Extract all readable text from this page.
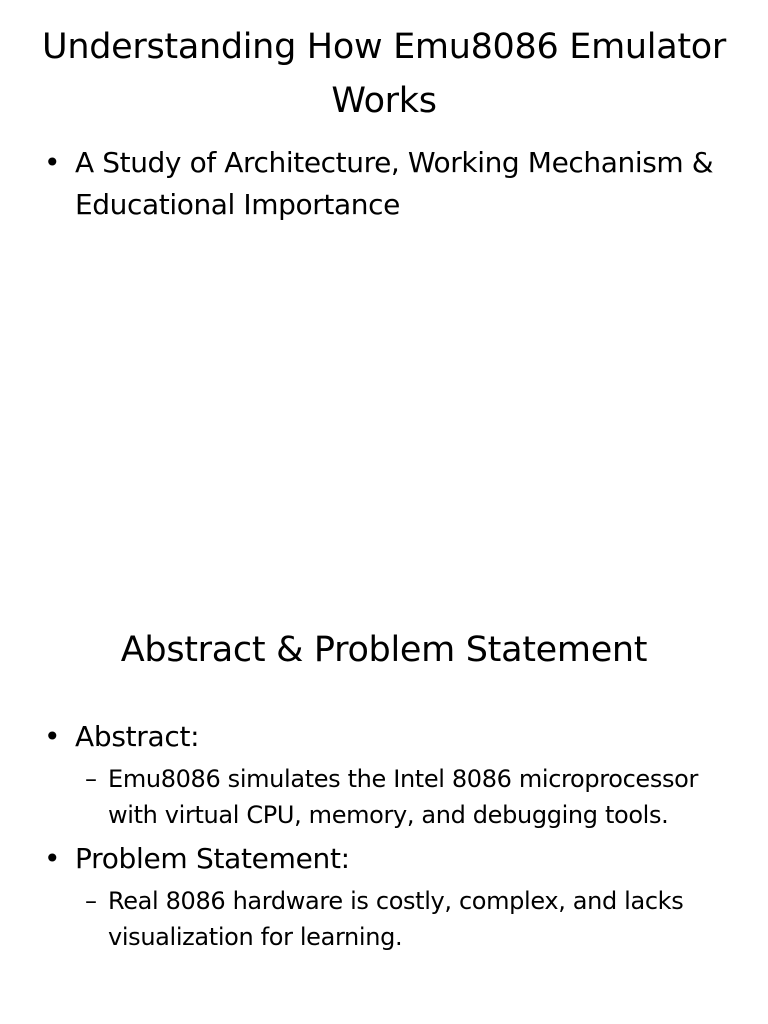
Understanding How Emu8086 Emulator Works
• A Study of Architecture, Working Mechanism & Educational Importance
Abstract & Problem Statement
• Abstract:
– Emu8086 simulates the Intel 8086 microprocessor with virtual CPU, memory, and debugging tools.
• Problem Statement:
– Real 8086 hardware is costly, complex, and lacks visualization for learning.
